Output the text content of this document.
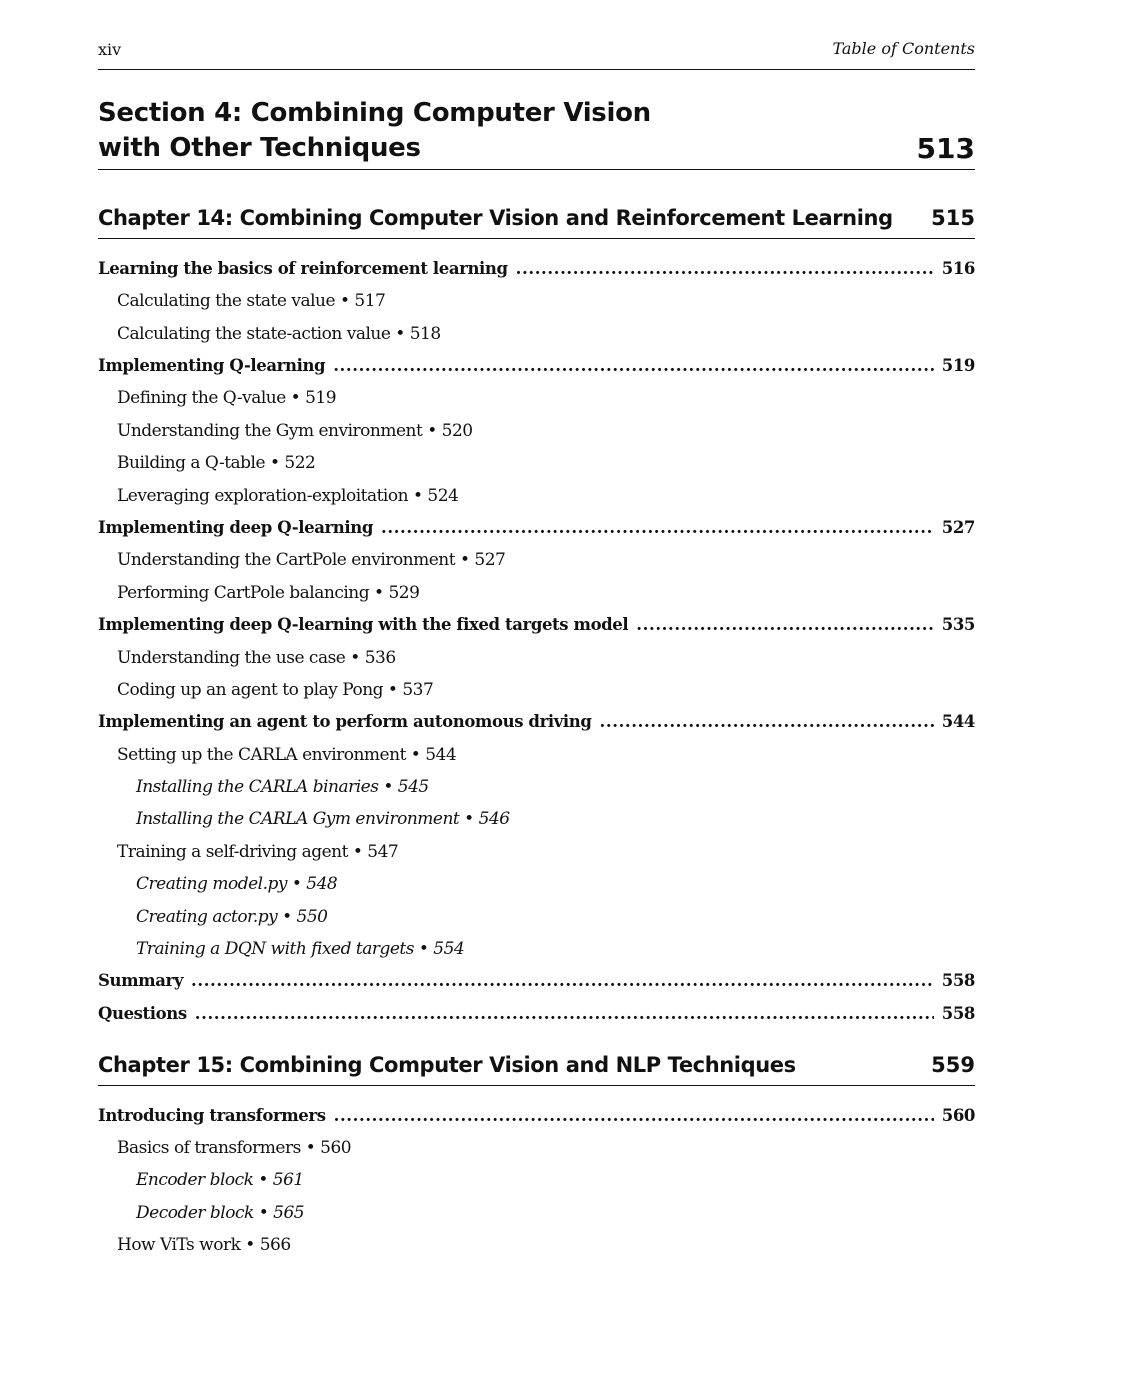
xiv	Table of Contents
Section 4: Combining Computer Vision
with Other Techniques	513
Chapter 14: Combining Computer Vision and Reinforcement Learning 515
Learning the basics of reinforcement learning .....	516
Calculating the state value • 517
Calculating the state-action value • 518
Implementing Q-learning .....	519
Defining the Q-value • 519
Understanding the Gym environment • 520
Building a Q-table • 522
Leveraging exploration-exploitation • 524
Implementing deep Q-learning .....	527
Understanding the CartPole environment • 527
Performing CartPole balancing • 529
Implementing deep Q-learning with the fixed targets model .....	535
Understanding the use case • 536
Coding up an agent to play Pong • 537
Implementing an agent to perform autonomous driving .....	544
Setting up the CARLA environment • 544
Installing the CARLA binaries • 545
Installing the CARLA Gym environment • 546
Training a self-driving agent • 547
Creating model.py • 548
Creating actor.py • 550
Training a DQN with fixed targets • 554
Summary .....	558
Questions .....	558
Chapter 15: Combining Computer Vision and NLP Techniques	559
Introducing transformers .....	560
Basics of transformers • 560
Encoder block • 561
Decoder block • 565
How ViTs work • 566
